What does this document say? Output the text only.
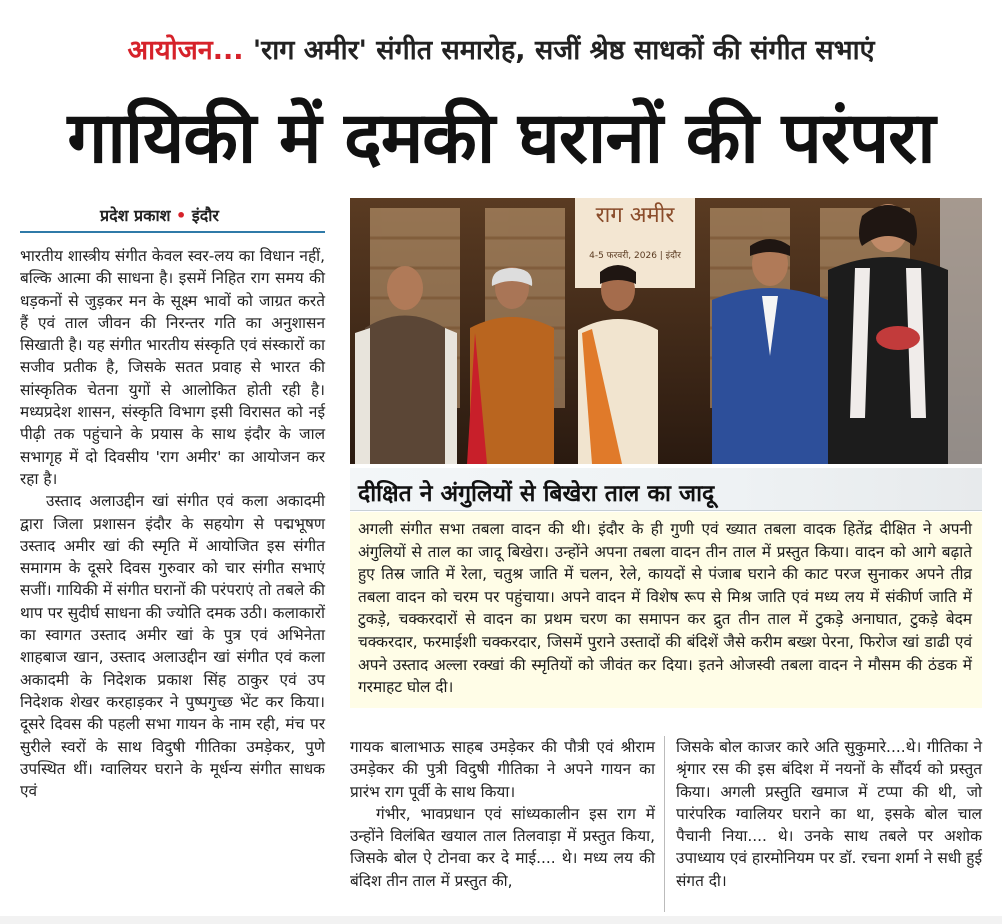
आयोजन... 'राग अमीर' संगीत समारोह, सजीं श्रेष्ठ साधकों की संगीत सभाएं
गायिकी में दमकी घरानों की परंपरा
प्रदेश प्रकाश • इंदौर

भारतीय शास्त्रीय संगीत केवल स्वर-लय का विधान नहीं, बल्कि आत्मा की साधना है। इसमें निहित राग समय की धड़कनों से जुड़कर मन के सूक्ष्म भावों को जाग्रत करते हैं एवं ताल जीवन की निरन्तर गति का अनुशासन सिखाती है। यह संगीत भारतीय संस्कृति एवं संस्कारों का सजीव प्रतीक है, जिसके सतत प्रवाह से भारत की सांस्कृतिक चेतना युगों से आलोकित होती रही है। मध्यप्रदेश शासन, संस्कृति विभाग इसी विरासत को नई पीढ़ी तक पहुंचाने के प्रयास के साथ इंदौर के जाल सभागृह में दो दिवसीय 'राग अमीर' का आयोजन कर रहा है।

उस्ताद अलाउद्दीन खां संगीत एवं कला अकादमी द्वारा जिला प्रशासन इंदौर के सहयोग से पद्मभूषण उस्ताद अमीर खां की स्मृति में आयोजित इस संगीत समागम के दूसरे दिवस गुरुवार को चार संगीत सभाएं सजीं। गायिकी में संगीत घरानों की परंपराएं तो तबले की थाप पर सुदीर्घ साधना की ज्योति दमक उठी। कलाकारों का स्वागत उस्ताद अमीर खां के पुत्र एवं अभिनेता शाहबाज खान, उस्ताद अलाउद्दीन खां संगीत एवं कला अकादमी के निदेशक प्रकाश सिंह ठाकुर एवं उप निदेशक शेखर करहाड़कर ने पुष्पगुच्छ भेंट कर किया। दूसरे दिवस की पहली सभा गायन के नाम रही, मंच पर सुरीले स्वरों के साथ विदुषी गीतिका उमड़ेकर, पुणे उपस्थित थीं। ग्वालियर घराने के मूर्धन्य संगीत साधक एवं

राग अमीर
4-5 फरवरी, 2026 | इंदौर
दीक्षित ने अंगुलियों से बिखेरा ताल का जादू
अगली संगीत सभा तबला वादन की थी। इंदौर के ही गुणी एवं ख्यात तबला वादक हितेंद्र दीक्षित ने अपनी अंगुलियों से ताल का जादू बिखेरा। उन्होंने अपना तबला वादन तीन ताल में प्रस्तुत किया। वादन को आगे बढ़ाते हुए तिस्र जाति में रेला, चतुश्र जाति में चलन, रेले, कायदों से पंजाब घराने की काट परज सुनाकर अपने तीव्र तबला वादन को चरम पर पहुंचाया। अपने वादन में विशेष रूप से मिश्र जाति एवं मध्य लय में संकीर्ण जाति में टुकड़े, चक्करदारों से वादन का प्रथम चरण का समापन कर द्रुत तीन ताल में टुकड़े अनाघात, टुकड़े बेदम चक्करदार, फरमाईशी चक्करदार, जिसमें पुराने उस्तादों की बंदिशें जैसे करीम बख्श पेरना, फिरोज खां डाढी एवं अपने उस्ताद अल्ला रक्खां की स्मृतियों को जीवंत कर दिया। इतने ओजस्वी तबला वादन ने मौसम की ठंडक में गरमाहट घोल दी।

गायक बालाभाऊ साहब उमड़ेकर की पौत्री एवं श्रीराम उमड़ेकर की पुत्री विदुषी गीतिका ने अपने गायन का प्रारंभ राग पूर्वी के साथ किया।

गंभीर, भावप्रधान एवं सांध्यकालीन इस राग में उन्होंने विलंबित खयाल ताल तिलवाड़ा में प्रस्तुत किया, जिसके बोल ऐ टोनवा कर दे माई.... थे। मध्य लय की बंदिश तीन ताल में प्रस्तुत की,

जिसके बोल काजर कारे अति सुकुमारे....थे। गीतिका ने श्रृंगार रस की इस बंदिश में नयनों के सौंदर्य को प्रस्तुत किया। अगली प्रस्तुति खमाज में टप्पा की थी, जो पारंपरिक ग्वालियर घराने का था, इसके बोल चाल पैचानी निया.... थे। उनके साथ तबले पर अशोक उपाध्याय एवं हारमोनियम पर डॉ. रचना शर्मा ने सधी हुई संगत दी।
